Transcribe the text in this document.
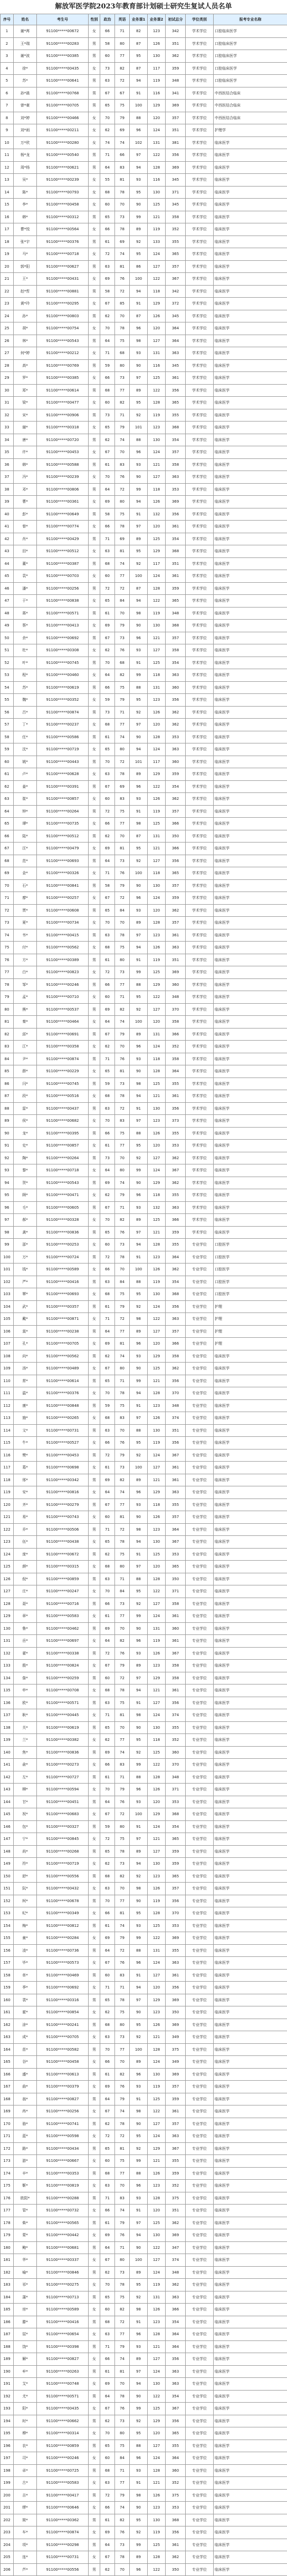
解放军医学院2023年教育部计划硕士研究生复试人员名单
序号	姓名	考生号	性别	政治	英语	业务课1	业务课2	初试总分	学位类别	报考专业名称
1	谢*苒	91100*****00672	女	66	71	82	123	342	学术学位	口腔临床医学
2	王*瑞	91100*****00283	男	58	80	87	126	351	学术学位	口腔临床医学
3	谢*波	91100*****00385	男	60	77	95	130	362	学术学位	口腔临床医学
4	徐*	91100*****00435	女	73	82	87	117	359	学术学位	口腔临床医学
5	苏*	91100*****00641	男	63	72	94	119	348	学术学位	口腔临床医学
6	孙*晨	91100*****00768	男	67	67	91	116	341	学术学位	中西医结合临床
7	曾*豪	91100*****00705	男	65	75	100	129	369	学术学位	中西医结合临床
8	刘*婷	91100*****00466	女	70	79	88	120	357	学术学位	中西医结合临床
9	刘*雨	91100*****00211	女	62	69	96	124	351	学术学位	护理学
10	万*欣	91100*****00280	女	74	74	102	131	381	学术学位	临床医学
11	杨*龙	91100*****00540	男	71	66	97	122	356	学术学位	临床医学
12	周*杨	91100*****00621	男	64	83	94	128	369	学术学位	临床医学
13	吴*	91100*****00239	女	55	81	93	116	345	学术学位	临床医学
14	陈*	91100*****00793	女	68	78	95	130	371	学术学位	临床医学
15	李*	91100*****00458	女	60	70	90	125	345	学术学位	临床医学
16	韩*	91100*****00312	男	65	73	99	121	358	学术学位	临床医学
17	曹*悦	91100*****00564	女	66	78	89	119	352	学术学位	临床医学
18	张*宇	91100*****00376	男	61	69	92	133	355	学术学位	临床医学
19	马*	91100*****00718	女	72	74	95	124	365	学术学位	临床医学
20	郭*阳	91100*****00627	男	63	81	86	127	357	学术学位	临床医学
21	王*	91100*****00431	女	69	76	100	122	367	学术学位	临床医学
22	赵*哲	91100*****00881	男	58	72	94	118	342	学术学位	临床医学
23	黄*玲	91100*****00295	女	67	85	91	129	372	学术学位	临床医学
24	孙*	91100*****00803	男	62	70	87	126	345	学术学位	临床医学
25	胡*	91100*****00754	女	70	78	96	120	364	学术学位	临床医学
26	林*	91100*****00543	男	64	75	98	127	364	学术学位	临床医学
27	何*婷	91100*****00212	女	71	68	93	131	363	学术学位	临床医学
28	高*	91100*****00769	男	59	80	90	116	345	学术学位	临床医学
29	罗*	91100*****00385	女	66	73	97	125	361	学术学位	临床医学
30	郑*	91100*****00614	男	68	77	89	122	356	学术学位	临床医学
31	梁*	91100*****00477	女	60	82	95	128	365	学术学位	临床医学
32	宋*	91100*****00906	男	73	71	92	119	355	学术学位	临床医学
33	谢*	91100*****00318	女	65	79	101	123	368	学术学位	临床医学
34	唐*	91100*****00720	男	62	74	88	130	354	学术学位	临床医学
35	许*	91100*****00453	女	67	70	96	124	357	学术学位	临床医学
36	韩*	91100*****00588	男	61	83	93	121	358	学术学位	临床医学
37	冯*	91100*****00239	女	70	76	90	127	363	学术学位	临床医学
38	邓*	91100*****00806	男	64	72	99	118	353	学术学位	临床医学
39	曹*	91100*****00361	女	69	80	94	126	369	学术学位	临床医学
40	彭*	91100*****00649	男	58	75	91	132	356	学术学位	临床医学
41	曾*	91100*****00774	女	66	78	97	120	361	学术学位	临床医学
42	肖*	91100*****00429	男	71	69	89	125	354	学术学位	临床医学
43	田*	91100*****00512	女	63	81	95	129	368	学术学位	临床医学
44	董*	91100*****00387	男	68	74	92	117	351	学术学位	临床医学
45	袁*	91100*****00703	女	60	77	100	124	361	学术学位	临床医学
46	潘*	91100*****00256	男	72	72	87	128	359	学术学位	临床医学
47	于*	91100*****00838	女	65	84	94	122	365	学术学位	临床医学
48	蒋*	91100*****00571	男	61	70	98	119	348	学术学位	临床医学
49	蔡*	91100*****00413	女	69	79	90	130	368	学术学位	临床医学
50	余*	91100*****00692	男	67	73	96	121	357	学术学位	临床医学
51	杜*	91100*****00308	女	62	76	93	127	358	学术学位	临床医学
52	叶*	91100*****00745	男	70	68	91	125	354	学术学位	临床医学
53	程*	91100*****00460	女	64	82	99	118	363	学术学位	临床医学
54	苏*	91100*****00619	男	66	75	88	131	360	学术学位	临床医学
55	魏*	91100*****00352	女	59	79	95	123	356	学术学位	临床医学
56	吕*	91100*****00874	男	73	71	92	126	362	学术学位	临床医学
57	丁*	91100*****00237	女	68	77	97	120	362	学术学位	临床医学
58	任*	91100*****00586	男	61	74	90	128	353	学术学位	临床医学
59	沈*	91100*****00719	女	65	80	94	124	363	学术学位	临床医学
60	姚*	91100*****00443	男	70	72	101	117	360	学术学位	临床医学
61	卢*	91100*****00628	女	63	78	89	129	359	学术学位	临床医学
62	姜*	91100*****00391	男	67	69	96	122	354	学术学位	临床医学
63	崔*	91100*****00857	女	60	83	93	126	362	学术学位	临床医学
64	钟*	91100*****00264	男	72	75	91	119	357	学术学位	临床医学
65	谭*	91100*****00735	女	66	77	98	125	366	学术学位	临床医学
66	陆*	91100*****00512	男	62	70	87	131	350	学术学位	临床医学
67	汪*	91100*****00479	女	69	81	95	121	366	学术学位	临床医学
68	范*	91100*****00693	男	64	73	92	127	356	学术学位	临床医学
69	金*	91100*****00326	女	71	76	100	118	365	学术学位	临床医学
70	石*	91100*****00841	男	58	79	90	130	357	学术学位	临床医学
71	廖*	91100*****00257	女	67	72	96	124	359	学术学位	临床医学
72	贾*	91100*****00608	男	65	84	93	120	362	学术学位	临床医学
73	夏*	91100*****00734	女	70	70	89	128	357	学术学位	临床医学
74	韦*	91100*****00415	男	63	78	97	123	361	学术学位	临床医学
75	付*	91100*****00562	女	68	75	94	126	363	学术学位	临床医学
76	方*	91100*****00389	男	61	80	91	119	351	学术学位	临床医学
77	白*	91100*****00823	女	72	73	99	125	369	学术学位	临床医学
78	邹*	91100*****00246	男	66	77	88	129	360	学术学位	临床医学
79	孟*	91100*****00710	女	60	71	95	122	348	学术学位	临床医学
80	熊*	91100*****00537	男	69	82	92	127	370	学术学位	临床医学
81	秦*	91100*****00464	女	64	74	100	120	358	学术学位	临床医学
82	邱*	91100*****00691	男	67	79	89	131	366	学术学位	临床医学
83	江*	91100*****00358	女	62	70	96	124	352	学术学位	临床医学
84	尹*	91100*****00874	男	71	76	93	118	358	学术学位	临床医学
85	薛*	91100*****00229	女	65	81	90	128	364	学术学位	临床医学
86	闫*	91100*****00745	男	59	73	98	125	355	学术学位	临床医学
87	段*	91100*****00516	女	68	78	94	121	361	学术学位	临床医学
88	雷*	91100*****00437	男	63	72	91	130	356	学术学位	临床医学
89	侯*	91100*****00682	女	70	83	97	123	373	学术学位	临床医学
90	龙*	91100*****00395	男	66	75	88	126	355	学术学位	临床医学
91	史*	91100*****00857	女	61	77	95	120	353	学术学位	临床医学
92	陶*	91100*****00264	男	73	70	92	127	362	学术学位	临床医学
93	黎*	91100*****00718	女	64	80	99	124	367	学术学位	临床医学
94	贺*	91100*****00543	男	69	74	90	129	362	学术学位	临床医学
95	顾*	91100*****00471	女	62	79	96	118	355	学术学位	临床医学
96	毛*	91100*****00605	男	67	71	93	132	363	学术学位	临床医学
97	郝*	91100*****00328	女	70	82	89	125	366	学术学位	临床医学
98	龚*	91100*****00836	男	65	76	97	121	359	学术学位	临床医学
99	邵*	91100*****00253	女	60	73	94	128	355	专业学位	口腔医学
100	万*	91100*****00724	男	72	78	91	123	364	专业学位	口腔医学
101	钱*	91100*****00589	女	66	70	100	126	362	专业学位	口腔医学
102	严*	91100*****00416	男	63	84	88	119	354	专业学位	口腔医学
103	覃*	91100*****00693	女	68	75	95	130	368	专业学位	口腔医学
104	武*	91100*****00357	男	61	79	92	124	356	专业学位	护理
105	戴*	91100*****00871	女	71	72	98	122	363	专业学位	护理
106	莫*	91100*****00238	男	64	77	89	127	357	专业学位	护理
107	孔*	91100*****00705	女	69	81	96	120	366	专业学位	护理
108	向*	91100*****00562	男	62	74	93	129	358	专业学位	临床医学
109	汤*	91100*****00489	女	67	80	90	125	362	专业学位	临床医学
110	常*	91100*****00614	男	65	71	99	121	356	专业学位	临床医学
111	温*	91100*****00376	女	70	78	94	128	370	专业学位	临床医学
112	康*	91100*****00848	男	59	75	91	123	348	专业学位	临床医学
113	施*	91100*****00265	女	68	83	97	126	374	专业学位	临床医学
114	文*	91100*****00731	男	63	70	88	130	351	专业学位	临床医学
115	牛*	91100*****00527	女	66	76	95	119	356	专业学位	临床医学
116	樊*	91100*****00453	男	72	79	92	124	367	专业学位	临床医学
117	葛*	91100*****00698	女	61	73	100	127	361	专业学位	临床医学
118	邢*	91100*****00342	男	69	82	89	121	361	专业学位	临床医学
119	安*	91100*****00816	女	64	74	96	129	363	专业学位	临床医学
120	齐*	91100*****00279	男	67	77	93	118	355	专业学位	临床医学
121	易*	91100*****00743	女	60	81	90	126	357	专业学位	临床医学
122	乔*	91100*****00506	男	71	72	98	123	364	专业学位	临床医学
123	伍*	91100*****00438	女	65	78	94	130	367	专业学位	临床医学
124	庞*	91100*****00672	男	62	75	91	125	353	专业学位	临床医学
125	颜*	91100*****00315	女	68	80	97	120	365	专业学位	临床医学
126	倪*	91100*****00859	男	63	71	88	128	350	专业学位	临床医学
127	庄*	91100*****00247	女	70	84	95	122	371	专业学位	临床医学
128	聂*	91100*****00716	男	66	73	92	127	358	专业学位	临床医学
129	章*	91100*****00583	女	61	77	99	124	361	专业学位	临床医学
130	鲁*	91100*****00462	男	69	70	90	131	360	专业学位	临床医学
131	岳*	91100*****00697	女	64	82	96	119	361	专业学位	临床医学
132	翟*	91100*****00338	男	72	76	93	126	367	专业学位	临床医学
133	殷*	91100*****00824	女	67	79	89	123	358	专业学位	临床医学
134	詹*	91100*****00259	男	60	72	97	129	358	专业学位	临床医学
135	申*	91100*****00708	女	68	78	94	121	361	专业学位	临床医学
136	欧*	91100*****00571	男	63	75	91	127	356	专业学位	临床医学
137	耿*	91100*****00445	女	71	81	98	124	374	专业学位	临床医学
138	关*	91100*****00619	男	65	70	90	130	355	专业学位	临床医学
139	兰*	91100*****00382	女	62	77	95	118	352	专业学位	临床医学
140	焦*	91100*****00836	男	69	74	92	125	360	专业学位	临床医学
141	俞*	91100*****00273	女	66	83	99	122	370	专业学位	临床医学
142	左*	91100*****00727	男	61	71	88	128	348	专业学位	临床医学
143	柳*	91100*****00594	女	70	79	96	126	371	专业学位	临床医学
144	甘*	91100*****00451	男	64	76	93	120	353	专业学位	临床医学
145	祝*	91100*****00683	女	67	72	100	129	368	专业学位	临床医学
146	包*	91100*****00327	男	59	80	91	124	354	专业学位	临床医学
147	宁*	91100*****00845	女	72	75	97	121	365	专业学位	临床医学
148	尚*	91100*****00268	男	65	78	89	127	359	专业学位	临床医学
149	符*	91100*****00719	女	62	73	94	130	359	专业学位	临床医学
150	舒*	91100*****00556	男	68	82	92	123	365	专业学位	临床医学
151	阮*	91100*****00432	女	63	70	98	126	357	专业学位	临床医学
152	柯*	91100*****00678	男	70	77	90	119	356	专业学位	临床医学
153	纪*	91100*****00349	女	66	81	95	128	370	专业学位	临床医学
154	梅*	91100*****00812	男	61	74	93	125	353	专业学位	临床医学
155	童*	91100*****00284	女	69	79	99	122	369	专业学位	临床医学
156	凌*	91100*****00736	男	64	72	88	131	355	专业学位	临床医学
157	毕*	91100*****00573	女	67	76	96	124	363	专业学位	临床医学
158	单*	91100*****00469	男	60	83	91	127	361	专业学位	临床医学
159	季*	91100*****00692	女	71	71	94	120	356	专业学位	临床医学
160	裴*	91100*****00316	男	65	78	97	129	369	专业学位	临床医学
161	霍*	91100*****00854	女	62	75	90	123	350	专业学位	临床医学
162	涂*	91100*****00241	男	68	80	95	126	369	专业学位	临床医学
163	成*	91100*****00705	女	63	73	92	121	349	专业学位	临床医学
164	苗*	91100*****00582	男	70	77	100	128	375	专业学位	临床医学
165	谷*	91100*****00458	女	66	70	89	124	349	专业学位	临床医学
166	盛*	91100*****00613	男	61	82	96	130	369	专业学位	临床医学
167	曲*	91100*****00379	女	69	76	93	119	357	专业学位	临床医学
168	翁*	91100*****00827	男	64	79	91	125	359	专业学位	临床医学
169	冉*	91100*****00256	女	67	74	98	122	361	专业学位	临床医学
170	骆*	91100*****00741	男	62	78	90	127	357	专业学位	临床医学
171	蓝*	91100*****00598	女	72	72	95	124	363	专业学位	临床医学
172	路*	91100*****00434	男	65	81	92	129	367	专业学位	临床医学
173	游*	91100*****00667	女	60	75	99	121	355	专业学位	临床医学
174	辛*	91100*****00353	男	68	77	88	126	359	专业学位	临床医学
175	靳*	91100*****00819	女	63	70	96	123	352	专业学位	临床医学
176	欧阳*	91100*****00288	男	71	83	93	128	375	专业学位	临床医学
177	管*	91100*****00732	女	66	74	91	120	351	专业学位	临床医学
178	柴*	91100*****00565	男	61	79	97	125	362	专业学位	临床医学
179	蒙*	91100*****00442	女	69	76	94	130	369	专业学位	临床医学
180	鲍*	91100*****00681	男	64	71	90	122	347	专业学位	临床医学
181	华*	91100*****00337	女	67	80	100	127	374	专业学位	临床医学
182	喻*	91100*****00846	男	62	73	89	124	348	专业学位	临床医学
183	祁*	91100*****00275	女	70	78	95	119	362	专业学位	临床医学
184	蒲*	91100*****00713	男	65	75	92	131	363	专业学位	临床医学
185	房*	91100*****00589	女	60	82	98	126	366	专业学位	临床医学
186	滕*	91100*****00416	男	68	72	91	123	354	专业学位	临床医学
187	屈*	91100*****00654	女	63	77	96	128	364	专业学位	临床医学
188	饶*	91100*****00398	男	71	79	93	121	364	专业学位	临床医学
189	解*	91100*****00827	女	66	74	89	127	356	专业学位	临床医学
190	牟*	91100*****00263	男	61	81	97	124	363	专业学位	临床医学
191	艾*	91100*****00748	女	69	70	94	130	363	专业学位	临床医学
192	尤*	91100*****00571	男	64	78	90	122	354	专业学位	临床医学
193	阳*	91100*****00435	女	67	76	99	125	367	专业学位	临床医学
194	时*	91100*****00662	男	62	73	92	129	356	专业学位	临床医学
195	穆*	91100*****00314	女	70	80	95	120	365	专业学位	临床医学
196	农*	91100*****00859	男	65	75	88	127	355	专业学位	临床医学
197	司*	91100*****00246	女	60	84	96	124	364	专业学位	临床医学
198	卓*	91100*****00725	男	68	71	93	128	360	专业学位	临床医学
199	古*	91100*****00583	女	63	77	91	121	352	专业学位	临床医学
200	吉*	91100*****00417	男	72	79	98	126	375	专业学位	临床医学
201	缪*	91100*****00646	女	66	74	90	123	353	专业学位	临床医学
202	简*	91100*****00362	男	61	82	95	130	368	专业学位	临床医学
203	车*	91100*****00874	女	69	76	92	119	356	专业学位	临床医学
204	项*	91100*****00298	男	64	73	99	125	361	专业学位	临床医学
205	连*	91100*****00731	女	67	78	89	128	362	专业学位	临床医学
206	芦*	91100*****00556	男	62	70	96	122	350	专业学位	临床医学
